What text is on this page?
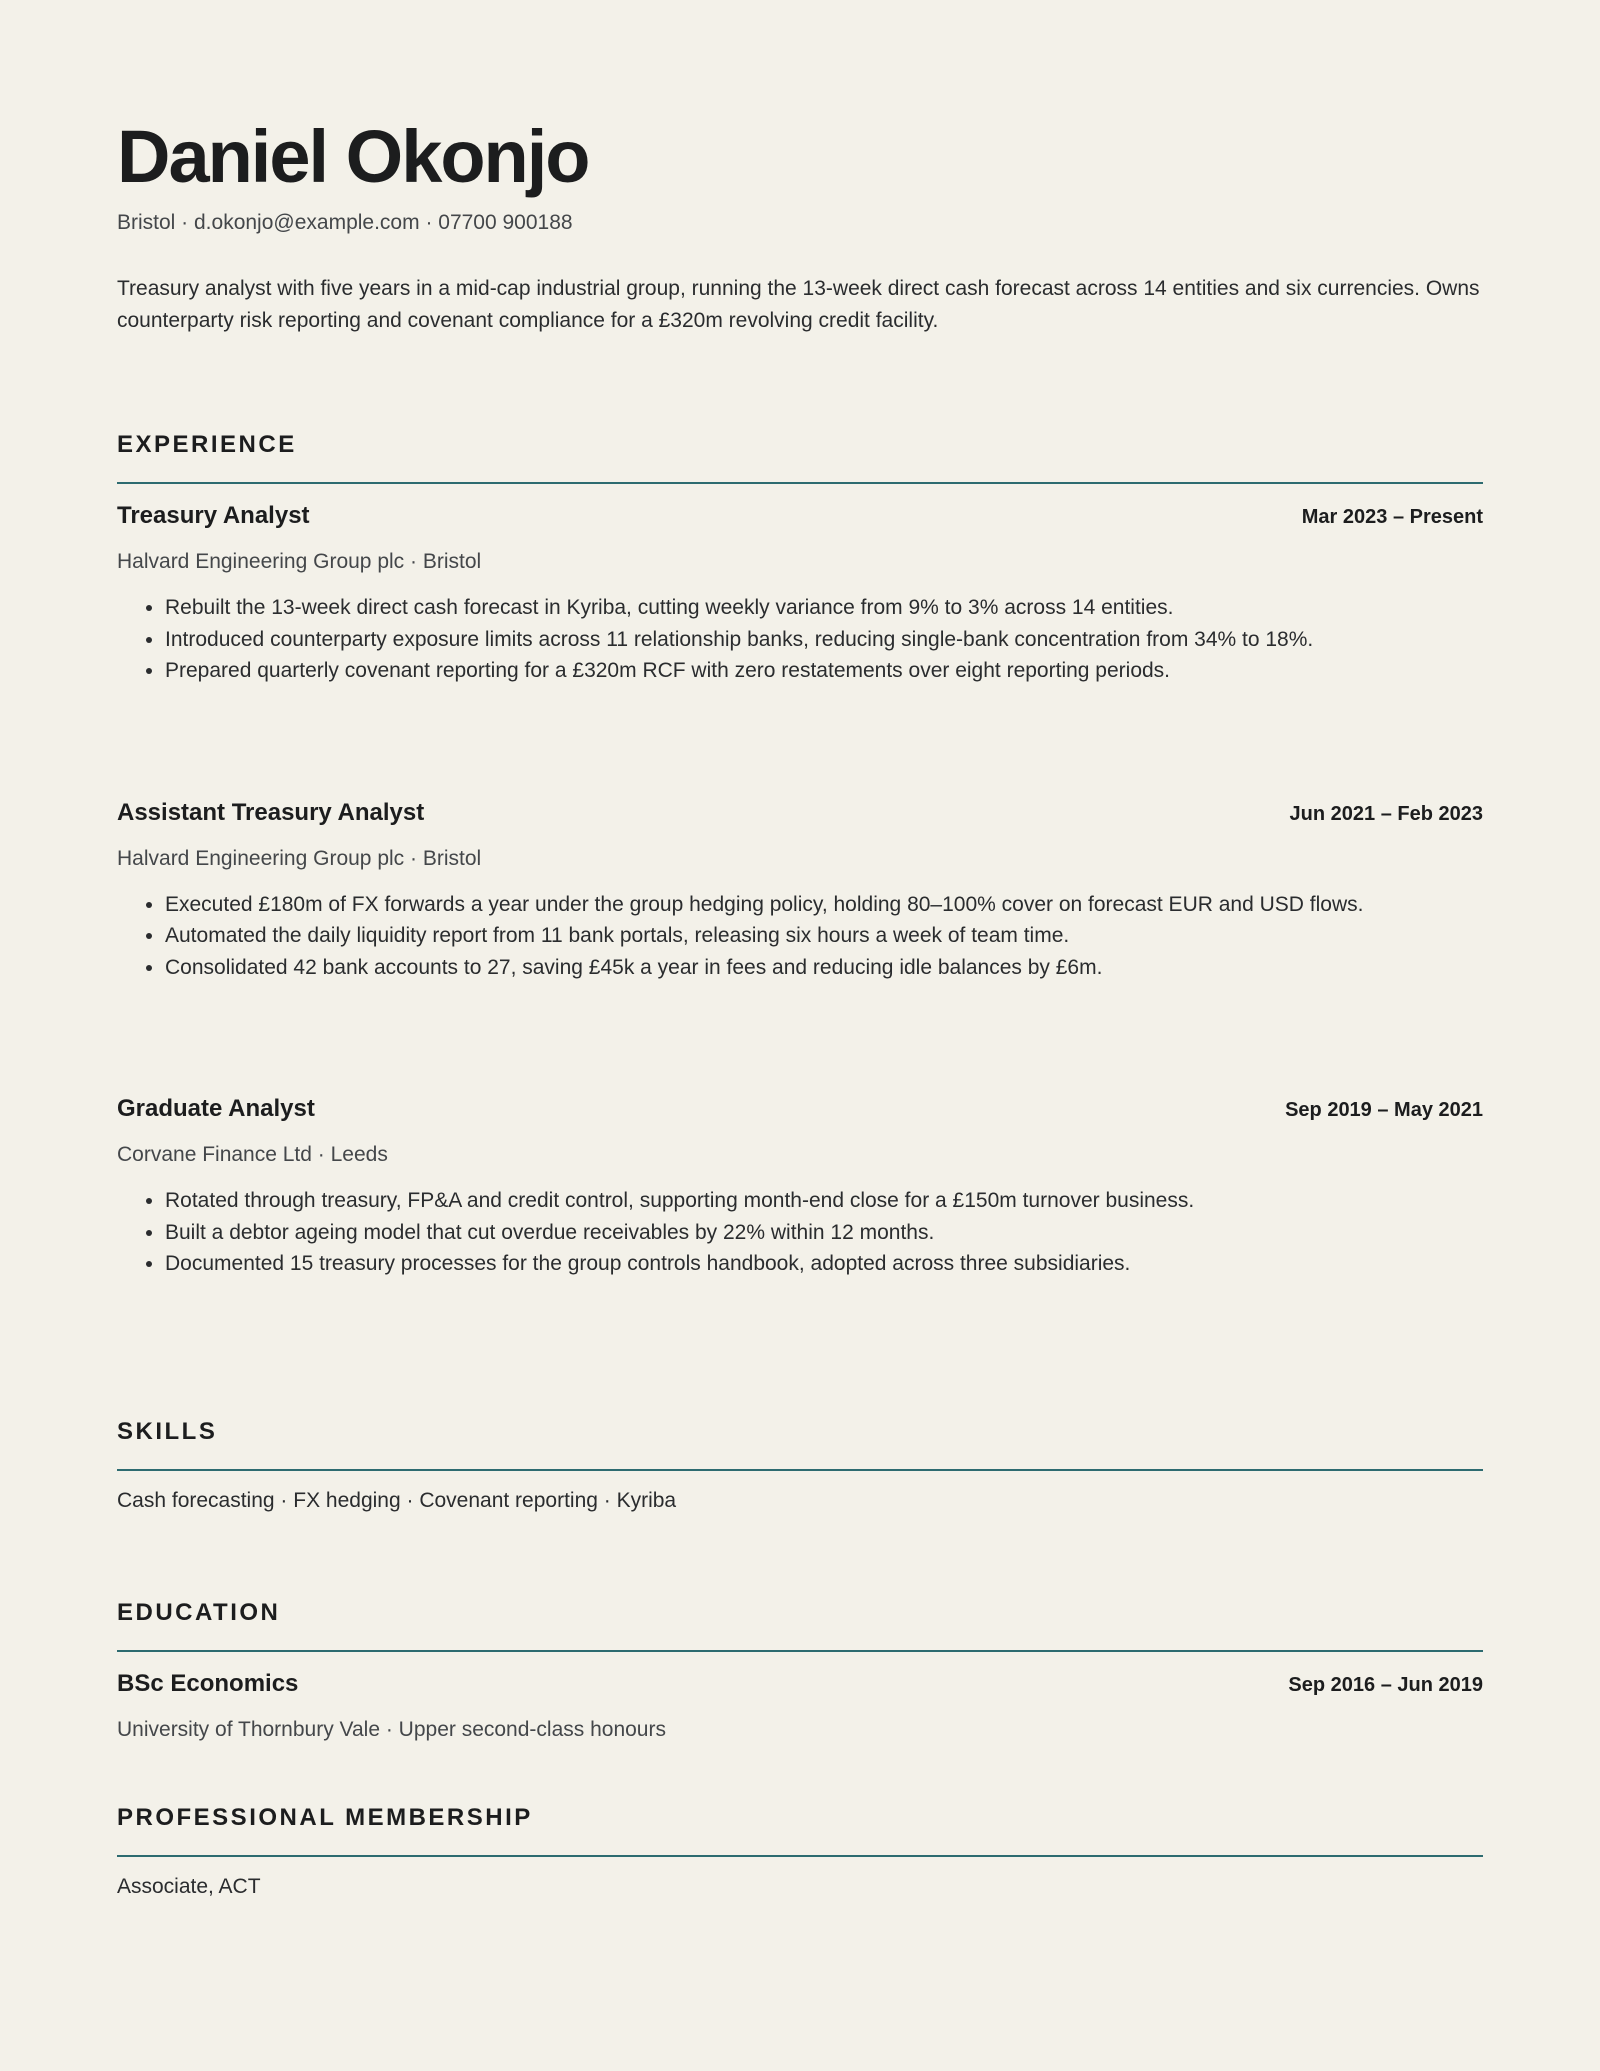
Daniel Okonjo
Bristol · d.okonjo@example.com · 07700 900188
Treasury analyst with five years in a mid-cap industrial group, running the 13-week direct cash forecast across 14 entities and six currencies. Owns counterparty risk reporting and covenant compliance for a £320m revolving credit facility.
EXPERIENCE
Treasury Analyst	Mar 2023 – Present
Halvard Engineering Group plc · Bristol
• Rebuilt the 13-week direct cash forecast in Kyriba, cutting weekly variance from 9% to 3% across 14 entities.
• Introduced counterparty exposure limits across 11 relationship banks, reducing single-bank concentration from 34% to 18%.
• Prepared quarterly covenant reporting for a £320m RCF with zero restatements over eight reporting periods.
Assistant Treasury Analyst	Jun 2021 – Feb 2023
Halvard Engineering Group plc · Bristol
• Executed £180m of FX forwards a year under the group hedging policy, holding 80–100% cover on forecast EUR and USD flows.
• Automated the daily liquidity report from 11 bank portals, releasing six hours a week of team time.
• Consolidated 42 bank accounts to 27, saving £45k a year in fees and reducing idle balances by £6m.
Graduate Analyst	Sep 2019 – May 2021
Corvane Finance Ltd · Leeds
• Rotated through treasury, FP&A and credit control, supporting month-end close for a £150m turnover business.
• Built a debtor ageing model that cut overdue receivables by 22% within 12 months.
• Documented 15 treasury processes for the group controls handbook, adopted across three subsidiaries.
SKILLS
Cash forecasting · FX hedging · Covenant reporting · Kyriba
EDUCATION
BSc Economics	Sep 2016 – Jun 2019
University of Thornbury Vale · Upper second-class honours
PROFESSIONAL MEMBERSHIP
Associate, ACT
